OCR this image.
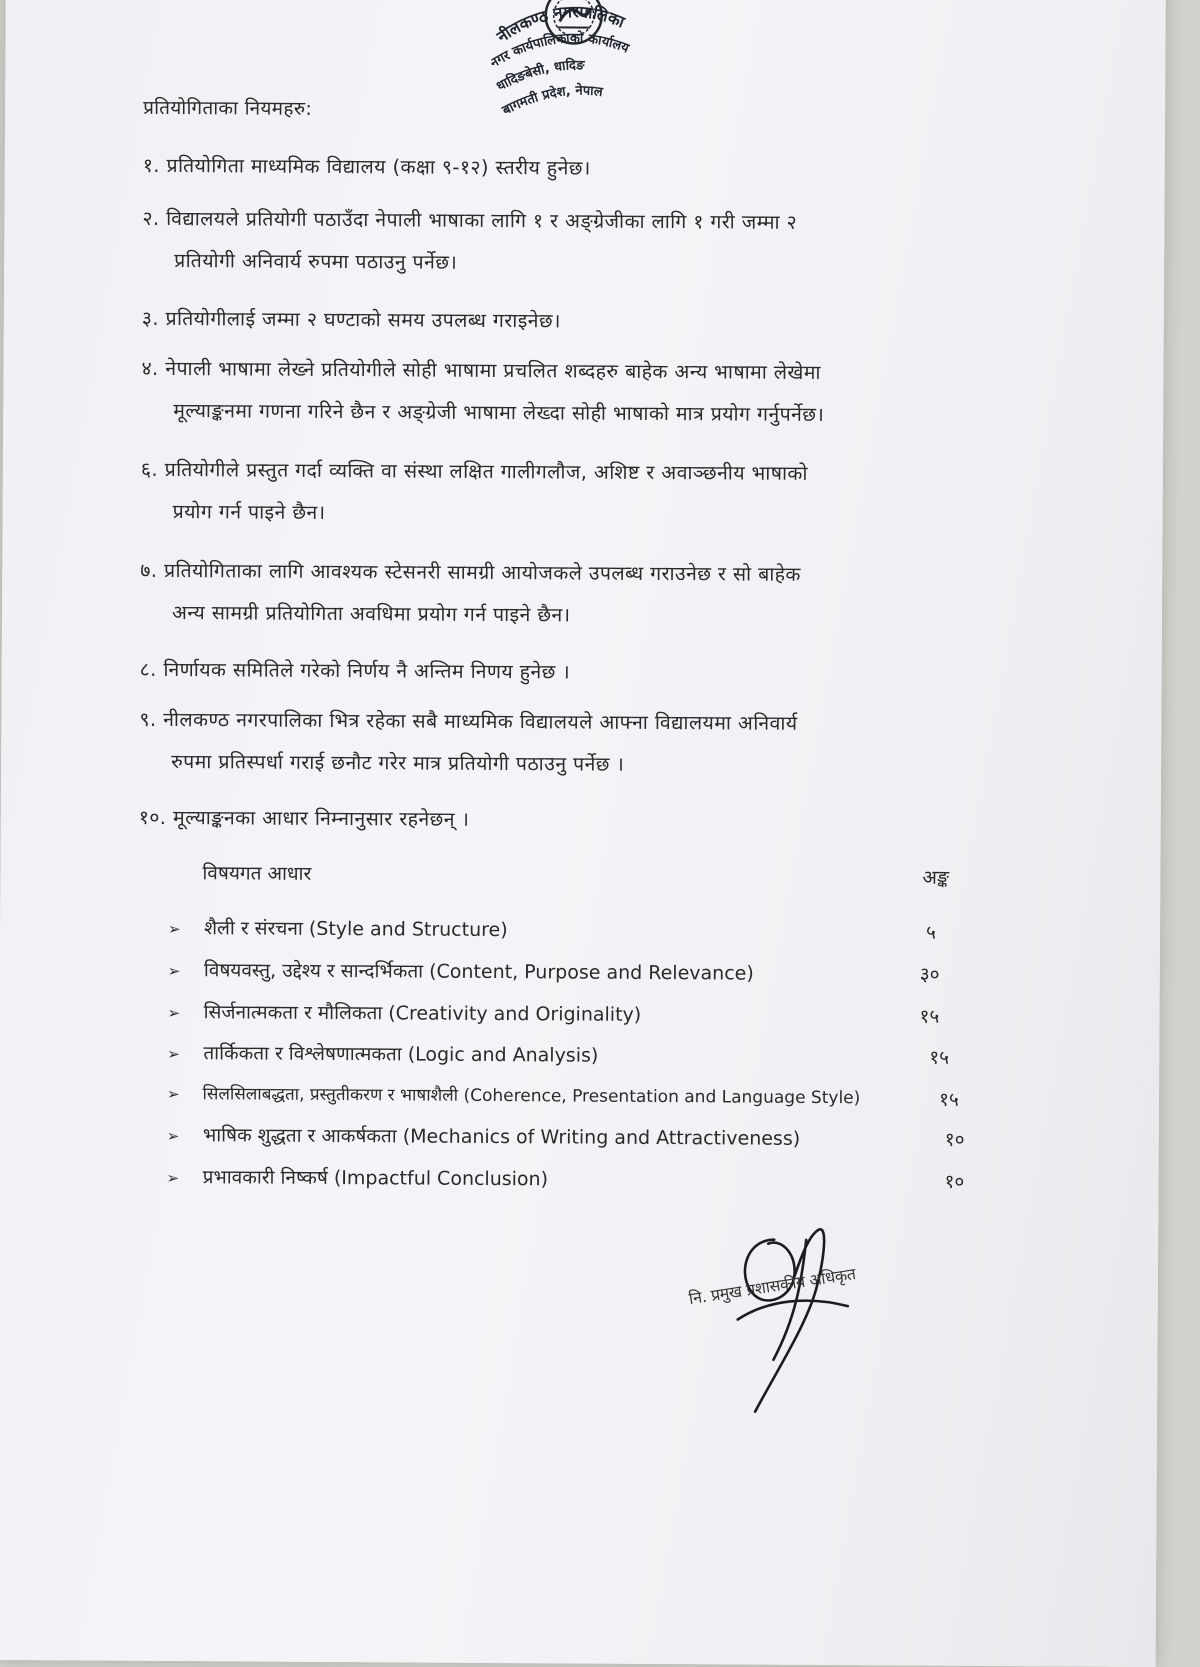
नीलकण्ठ नगरपालिका
नगर कार्यपालिकाको कार्यालय
धादिङबेसी, धादिङ
बागमती प्रदेश, नेपाल
प्रतियोगिताका नियमहरु:
१. प्रतियोगिता माध्यमिक विद्यालय (कक्षा ९-१२) स्तरीय हुनेछ।
२. विद्यालयले प्रतियोगी पठाउँदा नेपाली भाषाका लागि १ र अङ्ग्रेजीका लागि १ गरी जम्मा २
प्रतियोगी अनिवार्य रुपमा पठाउनु पर्नेछ।
३. प्रतियोगीलाई जम्मा २ घण्टाको समय उपलब्ध गराइनेछ।
४. नेपाली भाषामा लेख्ने प्रतियोगीले सोही भाषामा प्रचलित शब्दहरु बाहेक अन्य भाषामा लेखेमा
मूल्याङ्कनमा गणना गरिने छैन र अङ्ग्रेजी भाषामा लेख्दा सोही भाषाको मात्र प्रयोग गर्नुपर्नेछ।
६. प्रतियोगीले प्रस्तुत गर्दा व्यक्ति वा संस्था लक्षित गालीगलौज, अशिष्ट र अवाञ्छनीय भाषाको
प्रयोग गर्न पाइने छैन।
७. प्रतियोगिताका लागि आवश्यक स्टेसनरी सामग्री आयोजकले उपलब्ध गराउनेछ र सो बाहेक
अन्य सामग्री प्रतियोगिता अवधिमा प्रयोग गर्न पाइने छैन।
८. निर्णायक समितिले गरेको निर्णय नै अन्तिम निणय हुनेछ ।
९. नीलकण्ठ नगरपालिका भित्र रहेका सबै माध्यमिक विद्यालयले आफ्ना विद्यालयमा अनिवार्य
रुपमा प्रतिस्पर्धा गराई छनौट गरेर मात्र प्रतियोगी पठाउनु पर्नेछ ।
१०. मूल्याङ्कनका आधार निम्नानुसार रहनेछन् ।
विषयगत आधार	अङ्क
➢ शैली र संरचना (Style and Structure)	५
➢ विषयवस्तु, उद्देश्य र सान्दर्भिकता (Content, Purpose and Relevance)	३०
➢ सिर्जनात्मकता र मौलिकता (Creativity and Originality)	१५
➢ तार्किकता र विश्लेषणात्मकता (Logic and Analysis)	१५
➢ सिलसिलाबद्धता, प्रस्तुतीकरण र भाषाशैली (Coherence, Presentation and Language Style)	१५
➢ भाषिक शुद्धता र आकर्षकता (Mechanics of Writing and Attractiveness)	१०
➢ प्रभावकारी निष्कर्ष (Impactful Conclusion)	१०
नि. प्रमुख प्रशासकीय अधिकृत
